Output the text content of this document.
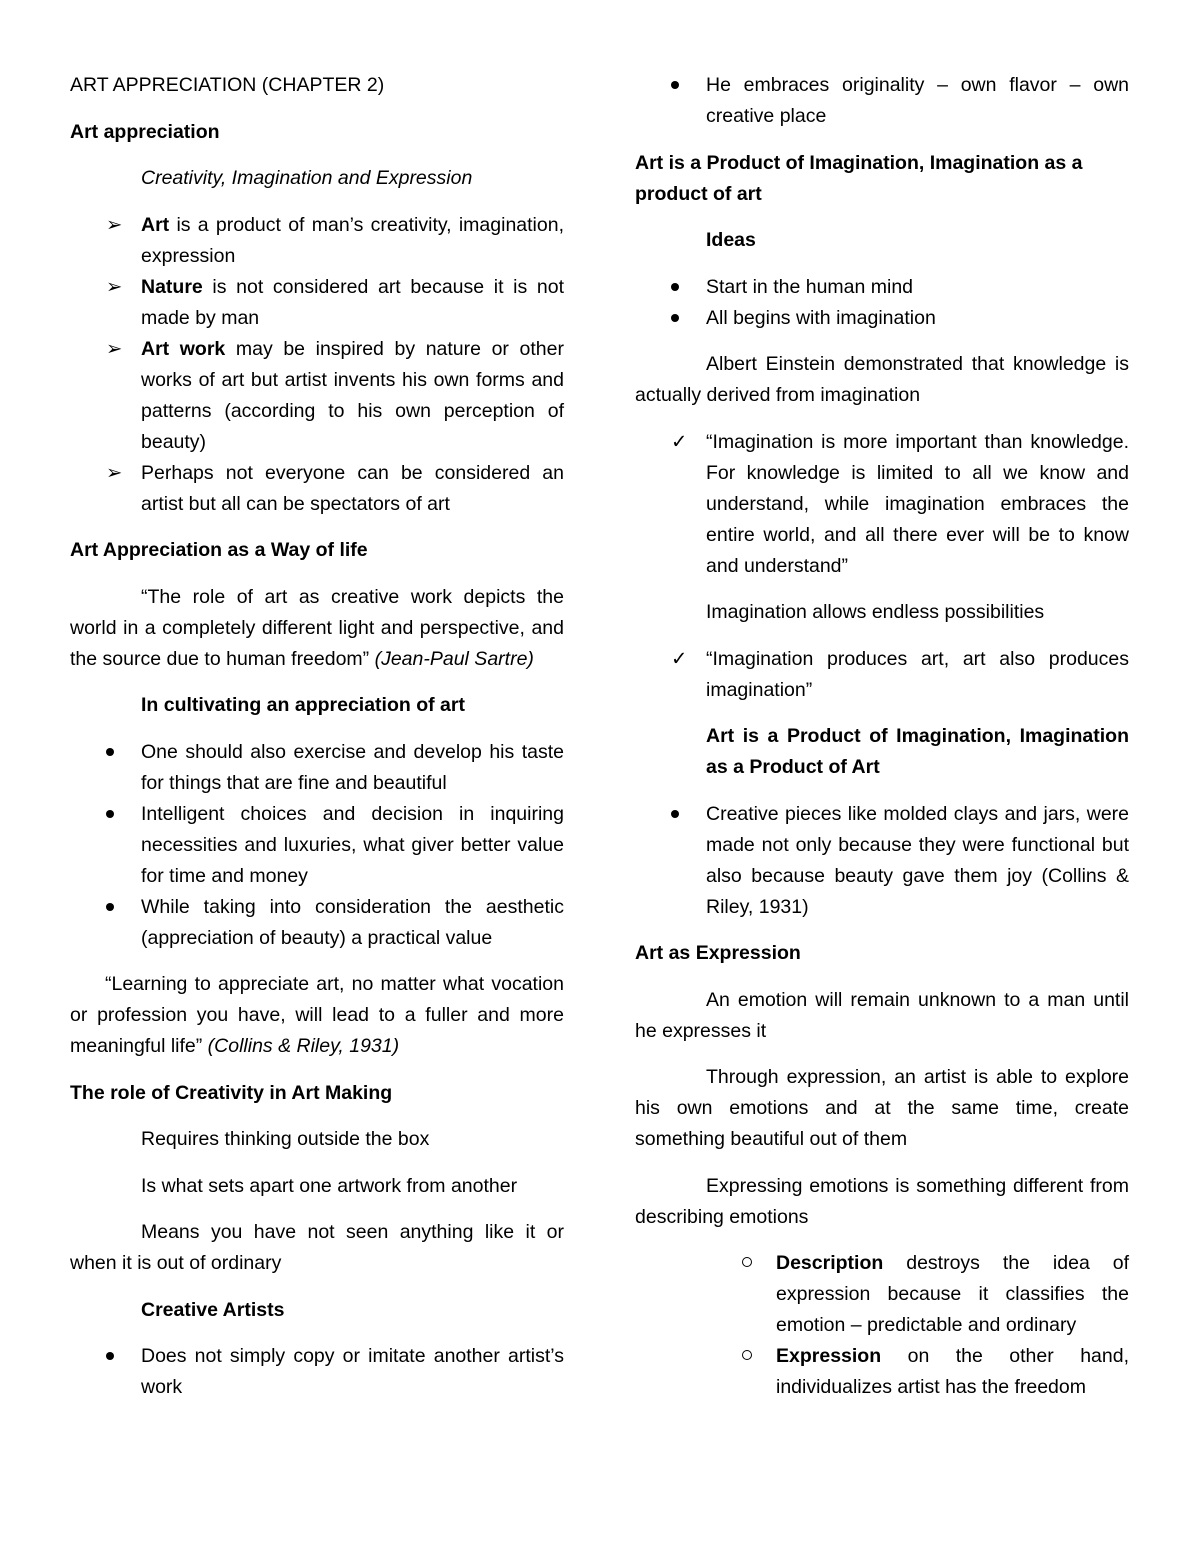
ART APPRECIATION (CHAPTER 2)

Art appreciation

Creativity, Imagination and Expression

➢ Art is a product of man’s creativity, imagination, expression
➢ Nature is not considered art because it is not made by man
➢ Art work may be inspired by nature or other works of art but artist invents his own forms and patterns (according to his own perception of beauty)
➢ Perhaps not everyone can be considered an artist but all can be spectators of art

Art Appreciation as a Way of life

“The role of art as creative work depicts the world in a completely different light and perspective, and the source due to human freedom” (Jean-Paul Sartre)

In cultivating an appreciation of art

One should also exercise and develop his taste for things that are fine and beautiful
Intelligent choices and decision in inquiring necessities and luxuries, what giver better value for time and money
While taking into consideration the aesthetic (appreciation of beauty) a practical value

“Learning to appreciate art, no matter what vocation or profession you have, will lead to a fuller and more meaningful life” (Collins & Riley, 1931)

The role of Creativity in Art Making

Requires thinking outside the box

Is what sets apart one artwork from another

Means you have not seen anything like it or when it is out of ordinary

Creative Artists

Does not simply copy or imitate another artist’s work
He embraces originality – own flavor – own creative place

Art is a Product of Imagination, Imagination as a product of art

Ideas

Start in the human mind
All begins with imagination

Albert Einstein demonstrated that knowledge is actually derived from imagination

✓ “Imagination is more important than knowledge. For knowledge is limited to all we know and understand, while imagination embraces the entire world, and all there ever will be to know and understand”

Imagination allows endless possibilities

✓ “Imagination produces art, art also produces imagination”

Art is a Product of Imagination, Imagination as a Product of Art

Creative pieces like molded clays and jars, were made not only because they were functional but also because beauty gave them joy (Collins & Riley, 1931)

Art as Expression

An emotion will remain unknown to a man until he expresses it

Through expression, an artist is able to explore his own emotions and at the same time, create something beautiful out of them

Expressing emotions is something different from describing emotions

Description destroys the idea of expression because it classifies the emotion – predictable and ordinary
Expression on the other hand, individualizes artist has the freedom
